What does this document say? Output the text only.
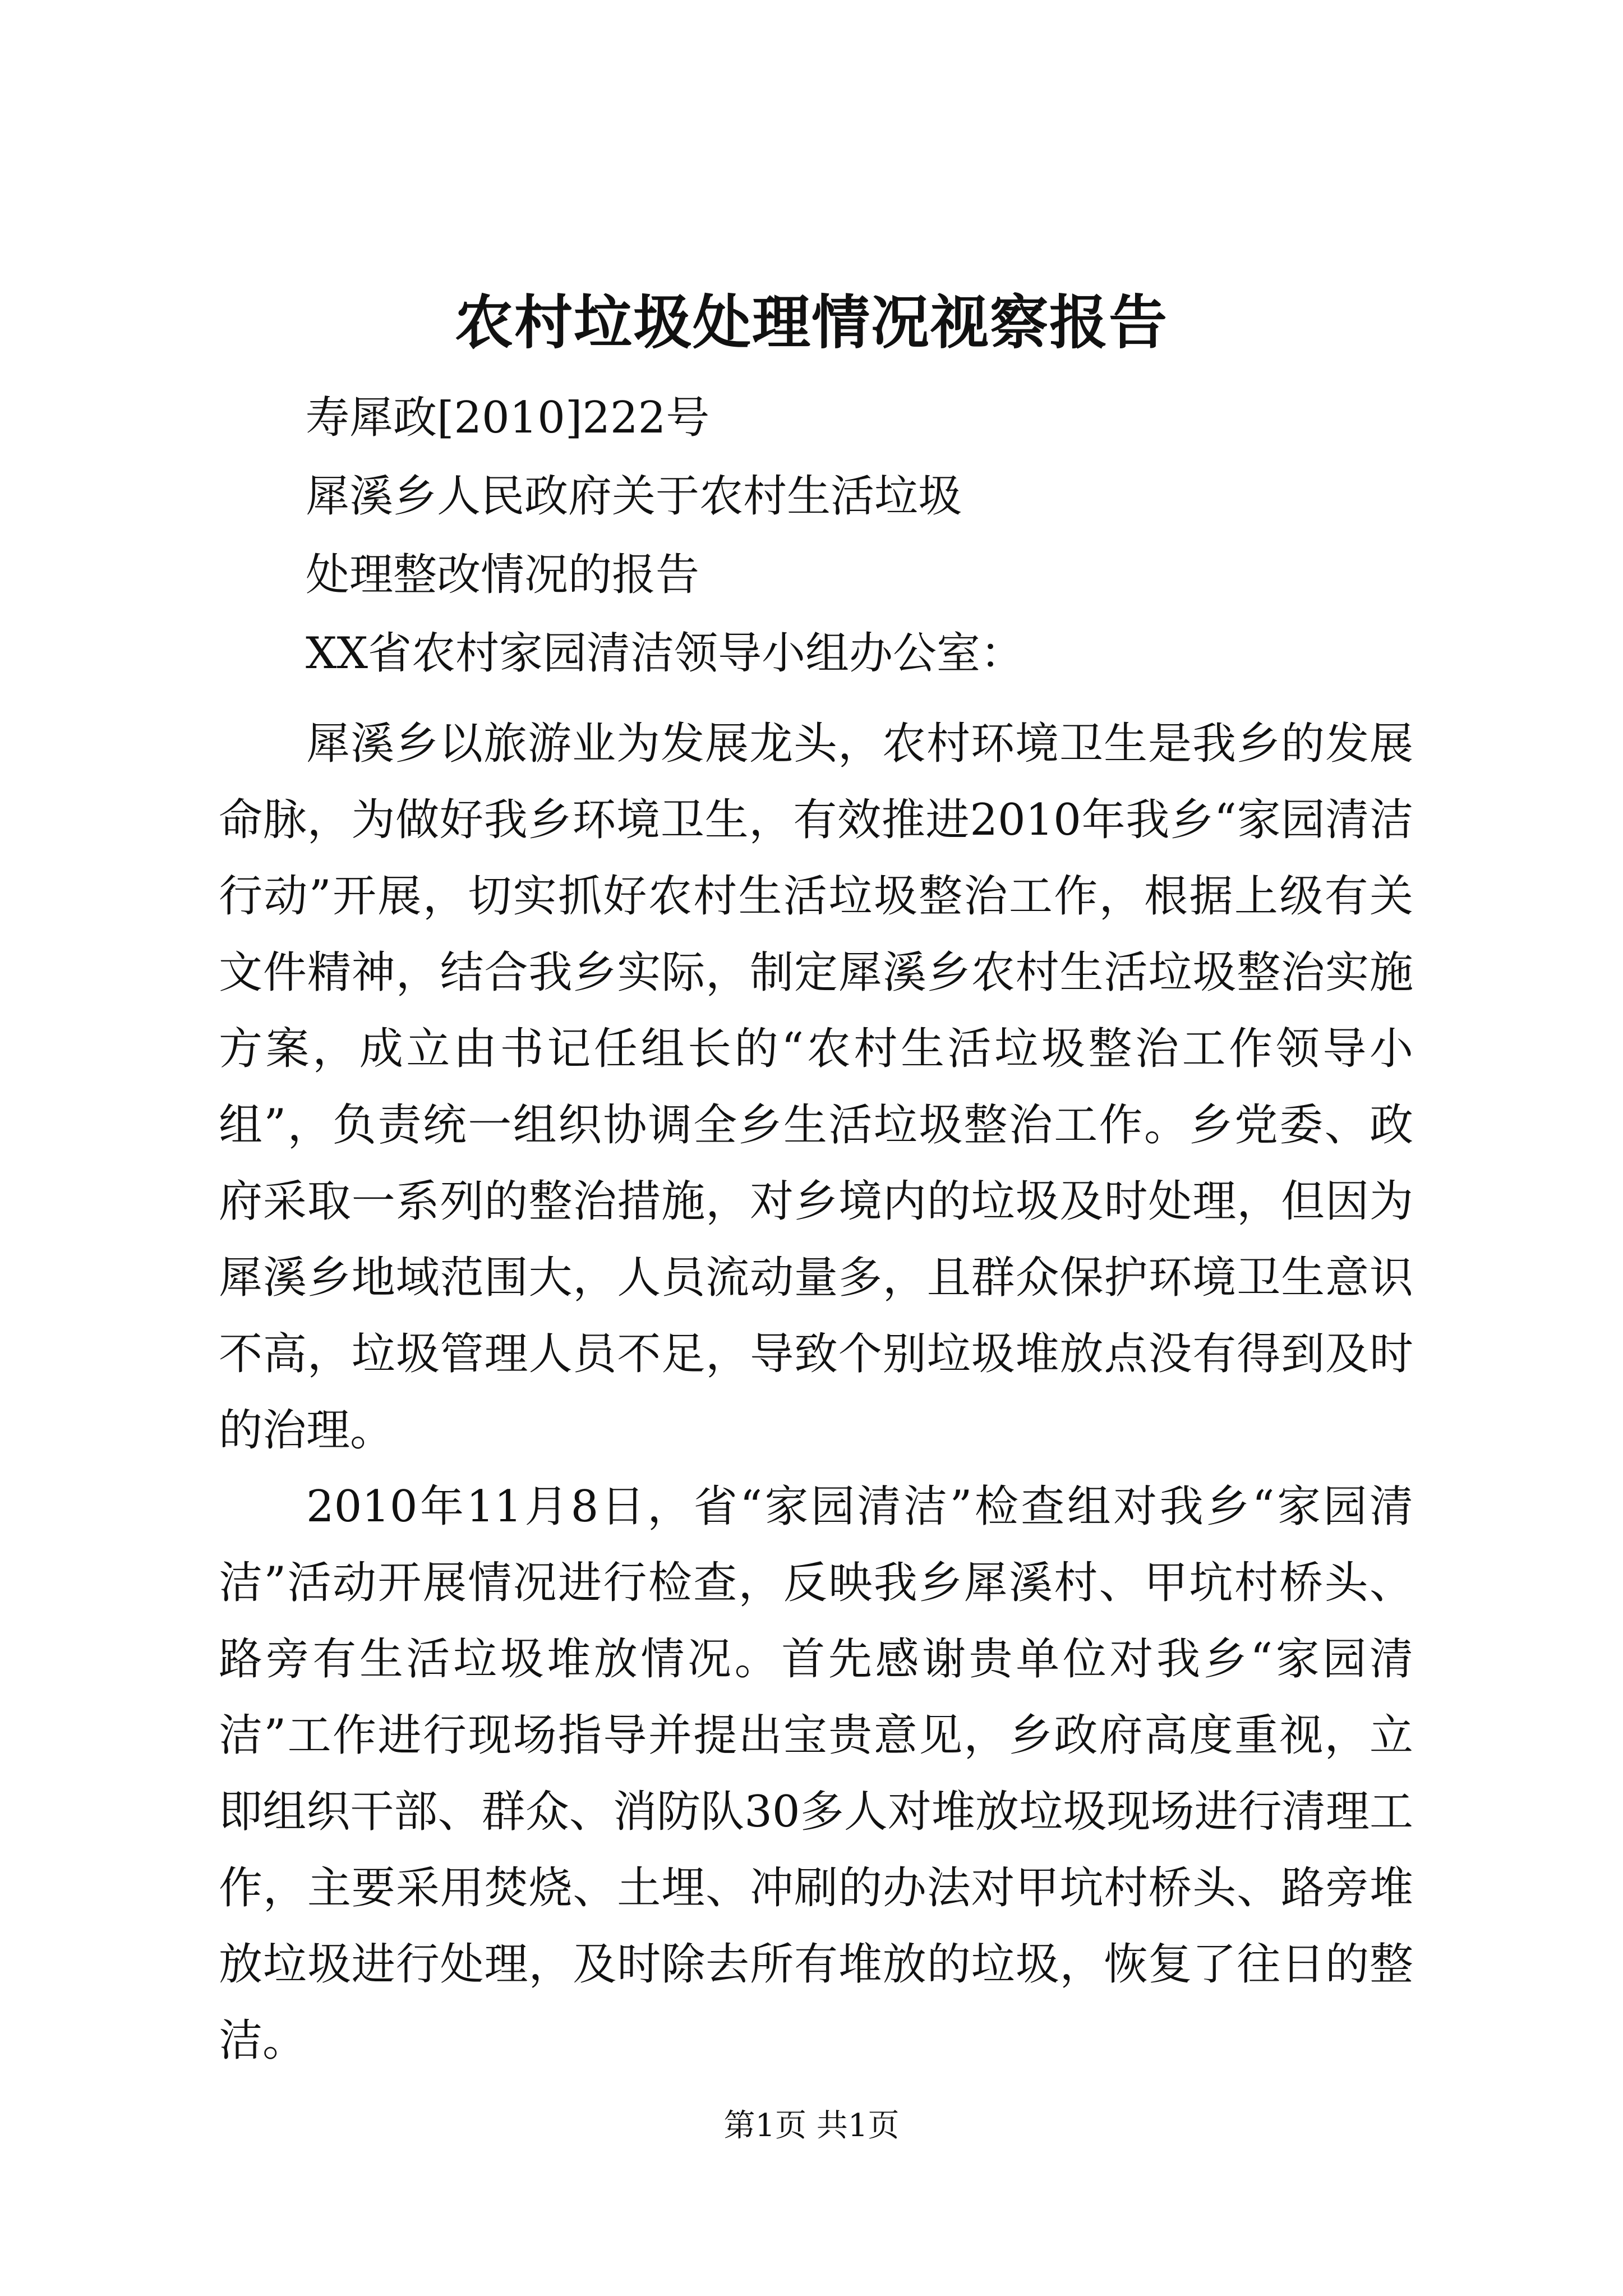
农村垃圾处理情况视察报告
寿犀政[2010]222号
犀溪乡人民政府关于农村生活垃圾
处理整改情况的报告
XX省农村家园清洁领导小组办公室：

犀溪乡以旅游业为发展龙头，农村环境卫生是我乡的发展命脉，为做好我乡环境卫生，有效推进2010年我乡“家园清洁行动”开展，切实抓好农村生活垃圾整治工作，根据上级有关文件精神，结合我乡实际，制定犀溪乡农村生活垃圾整治实施方案，成立由书记任组长的“农村生活垃圾整治工作领导小组”，负责统一组织协调全乡生活垃圾整治工作。乡党委、政府采取一系列的整治措施，对乡境内的垃圾及时处理，但因为犀溪乡地域范围大，人员流动量多，且群众保护环境卫生意识不高，垃圾管理人员不足，导致个别垃圾堆放点没有得到及时的治理。

2010年11月8日，省“家园清洁”检查组对我乡“家园清洁”活动开展情况进行检查，反映我乡犀溪村、甲坑村桥头、路旁有生活垃圾堆放情况。首先感谢贵单位对我乡“家园清洁”工作进行现场指导并提出宝贵意见，乡政府高度重视，立即组织干部、群众、消防队30多人对堆放垃圾现场进行清理工作，主要采用焚烧、土埋、冲刷的办法对甲坑村桥头、路旁堆放垃圾进行处理，及时除去所有堆放的垃圾，恢复了往日的整洁。

第1页 共1页
